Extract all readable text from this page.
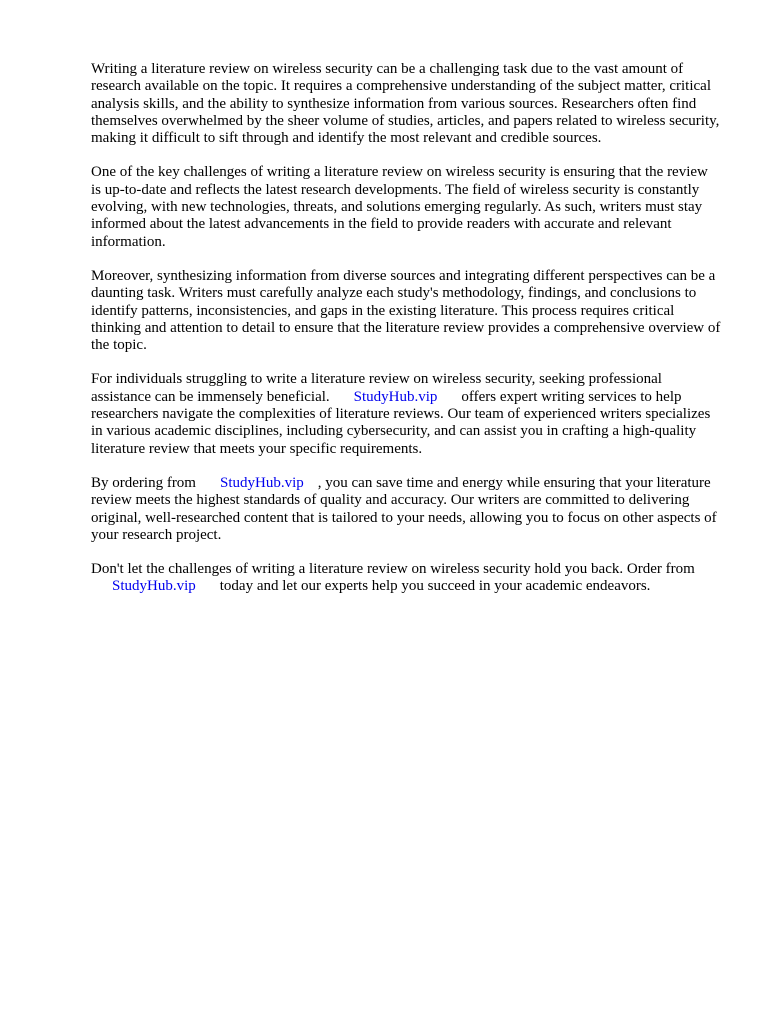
Writing a literature review on wireless security can be a challenging task due to the vast amount of research available on the topic. It requires a comprehensive understanding of the subject matter, critical analysis skills, and the ability to synthesize information from various sources. Researchers often find themselves overwhelmed by the sheer volume of studies, articles, and papers related to wireless security, making it difficult to sift through and identify the most relevant and credible sources.

One of the key challenges of writing a literature review on wireless security is ensuring that the review is up-to-date and reflects the latest research developments. The field of wireless security is constantly evolving, with new technologies, threats, and solutions emerging regularly. As such, writers must stay informed about the latest advancements in the field to provide readers with accurate and relevant information.

Moreover, synthesizing information from diverse sources and integrating different perspectives can be a daunting task. Writers must carefully analyze each study's methodology, findings, and conclusions to identify patterns, inconsistencies, and gaps in the existing literature. This process requires critical thinking and attention to detail to ensure that the literature review provides a comprehensive overview of the topic.

For individuals struggling to write a literature review on wireless security, seeking professional assistance can be immensely beneficial. StudyHub.vip offers expert writing services to help researchers navigate the complexities of literature reviews. Our team of experienced writers specializes in various academic disciplines, including cybersecurity, and can assist you in crafting a high-quality literature review that meets your specific requirements.

By ordering from StudyHub.vip , you can save time and energy while ensuring that your literature review meets the highest standards of quality and accuracy. Our writers are committed to delivering original, well-researched content that is tailored to your needs, allowing you to focus on other aspects of your research project.

Don't let the challenges of writing a literature review on wireless security hold you back. Order from
StudyHub.vip today and let our experts help you succeed in your academic endeavors.
